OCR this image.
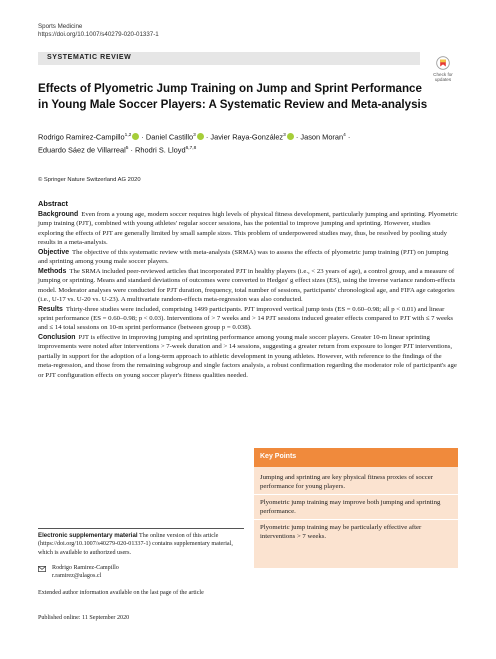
Sports Medicine
https://doi.org/10.1007/s40279-020-01337-1
SYSTEMATIC REVIEW
Check for
updates
Effects of Plyometric Jump Training on Jump and Sprint Performance
in Young Male Soccer Players: A Systematic Review and Meta-analysis
Rodrigo Ramirez-Campillo$^{1,2}$ · Daniel Castillo$^3$ · Javier Raya-González$^3$ · Jason Moran$^4$ ·
Eduardo Sáez de Villarreal$^5$ · Rhodri S. Lloyd$^{6,7,8}$
© Springer Nature Switzerland AG 2020
Abstract

Background Even from a young age, modern soccer requires high levels of physical fitness development, particularly jumping and sprinting. Plyometric jump training (PJT), combined with young athletes' regular soccer sessions, has the potential to improve jumping and sprinting. However, studies exploring the effects of PJT are generally limited by small sample sizes. This problem of underpowered studies may, thus, be resolved by pooling study results in a meta-analysis.

Objective The objective of this systematic review with meta-analysis (SRMA) was to assess the effects of plyometric jump training (PJT) on jumping and sprinting among young male soccer players.

Methods The SRMA included peer-reviewed articles that incorporated PJT in healthy players (i.e., < 23 years of age), a control group, and a measure of jumping or sprinting. Means and standard deviations of outcomes were converted to Hedges' g effect sizes (ES), using the inverse variance random-effects model. Moderator analyses were conducted for PJT duration, frequency, total number of sessions, participants' chronological age, and FIFA age categories (i.e., U-17 vs. U-20 vs. U-23). A multivariate random-effects meta-regression was also conducted.

Results Thirty-three studies were included, comprising 1499 participants. PJT improved vertical jump tests (ES = 0.60–0.98; all p < 0.01) and linear sprint performance (ES = 0.60–0.98; p < 0.03). Interventions of > 7 weeks and > 14 PJT sessions induced greater effects compared to PJT with ≤ 7 weeks and ≤ 14 total sessions on 10-m sprint performance (between group p = 0.038).

Conclusion PJT is effective in improving jumping and sprinting performance among young male soccer players. Greater 10-m linear sprinting improvements were noted after interventions > 7-week duration and > 14 sessions, suggesting a greater return from exposure to longer PJT interventions, partially in support for the adoption of a long-term approach to athletic development in young athletes. However, with reference to the findings of the meta-regression, and those from the remaining subgroup and single factors analysis, a robust confirmation regarding the moderator role of participant's age or PJT configuration effects on young soccer player's fitness qualities needed.

Key Points
Jumping and sprinting are key physical fitness proxies of soccer performance for young players.
Plyometric jump training may improve both jumping and sprinting performance.
Plyometric jump training may be particularly effective after interventions > 7 weeks.
Electronic supplementary material The online version of this article (https://doi.org/10.1007/s40279-020-01337-1) contains supplementary material, which is available to authorized users.
Rodrigo Ramirez-Campillo
r.ramirez@ulagos.cl
Extended author information available on the last page of the article
Published online: 11 September 2020
